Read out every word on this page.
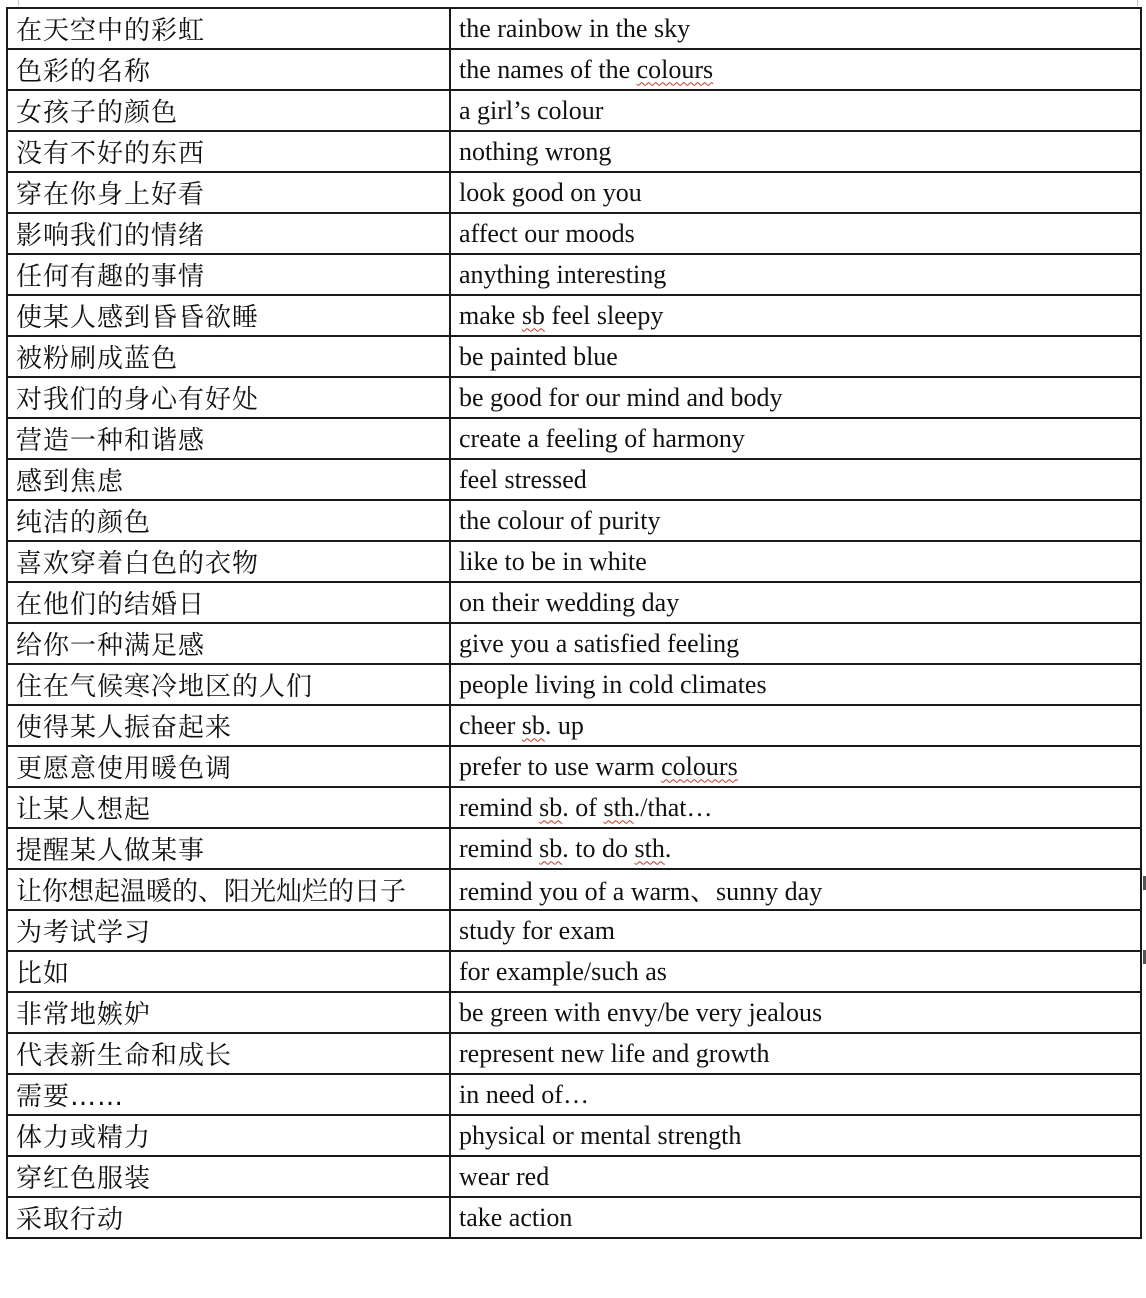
在天空中的彩虹	the rainbow in the sky
色彩的名称	the names of the colours
女孩子的颜色	a girl’s colour
没有不好的东西	nothing wrong
穿在你身上好看	look good on you
影响我们的情绪	affect our moods
任何有趣的事情	anything interesting
使某人感到昏昏欲睡	make sb feel sleepy
被粉刷成蓝色	be painted blue
对我们的身心有好处	be good for our mind and body
营造一种和谐感	create a feeling of harmony
感到焦虑	feel stressed
纯洁的颜色	the colour of purity
喜欢穿着白色的衣物	like to be in white
在他们的结婚日	on their wedding day
给你一种满足感	give you a satisfied feeling
住在气候寒冷地区的人们	people living in cold climates
使得某人振奋起来	cheer sb. up
更愿意使用暖色调	prefer to use warm colours
让某人想起	remind sb. of sth./that…
提醒某人做某事	remind sb. to do sth.
让你想起温暖的、阳光灿烂的日子	remind you of a warm、sunny day
为考试学习	study for exam
比如	for example/such as
非常地嫉妒	be green with envy/be very jealous
代表新生命和成长	represent new life and growth
需要……	in need of…
体力或精力	physical or mental strength
穿红色服装	wear red
采取行动	take action
